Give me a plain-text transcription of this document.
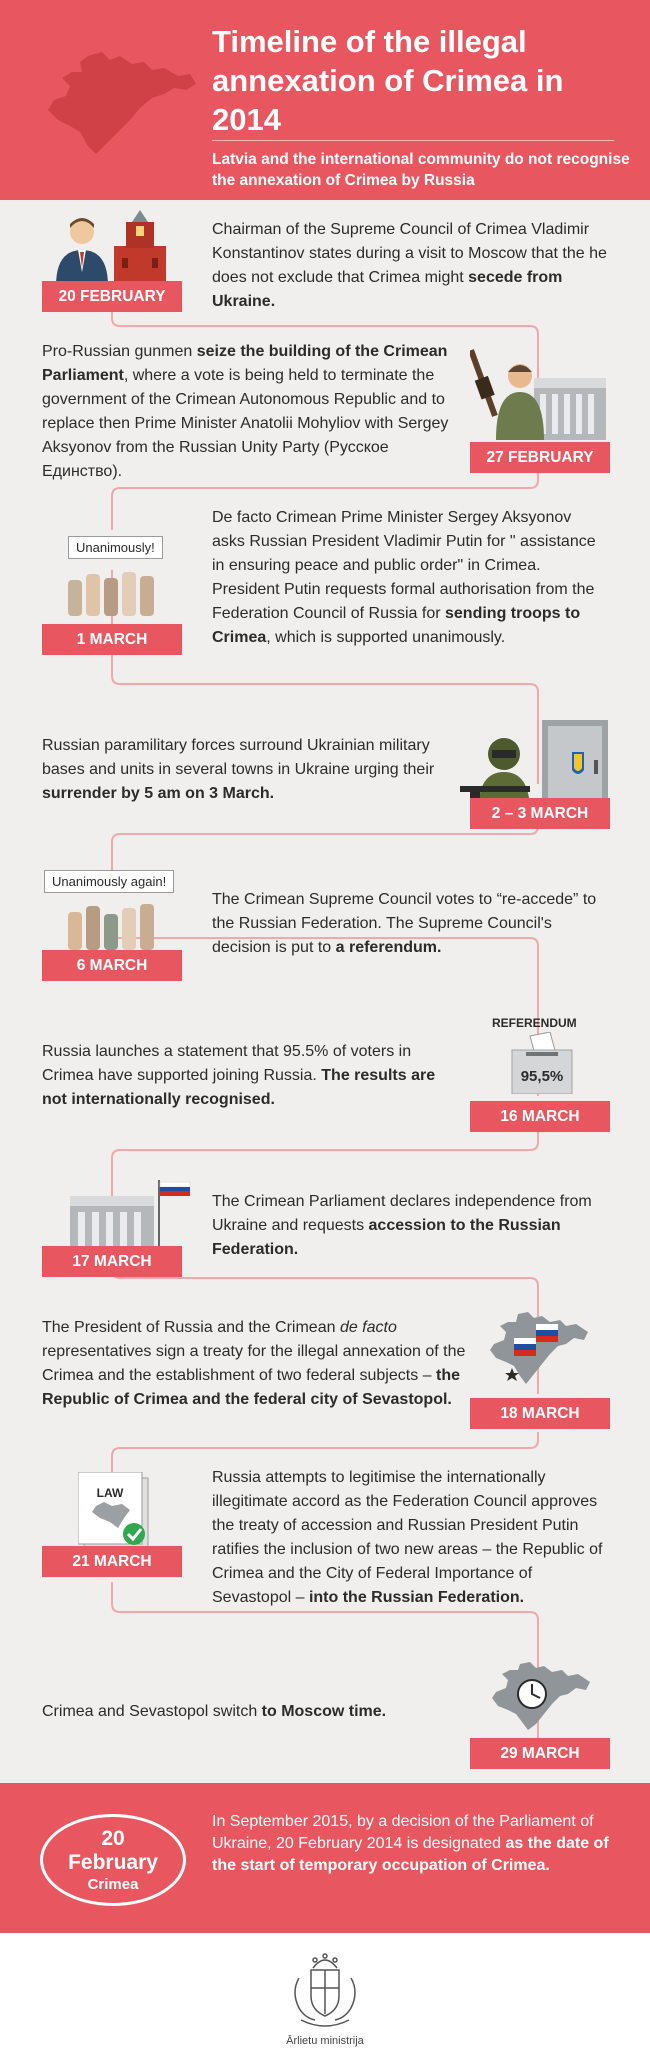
Timeline of the illegal annexation of Crimea in 2014
Latvia and the international community do not recognise the annexation of Crimea by Russia
20 FEBRUARY
Chairman of the Supreme Council of Crimea Vladimir Konstantinov states during a visit to Moscow that the he does not exclude that Crimea might secede from Ukraine.
Pro-Russian gunmen seize the building of the Crimean Parliament, where a vote is being held to terminate the government of the Crimean Autonomous Republic and to replace then Prime Minister Anatolii Mohyliov with Sergey Aksyonov from the Russian Unity Party (Русское Единство).
27 FEBRUARY
Unanimously!
1 MARCH
De facto Crimean Prime Minister Sergey Aksyonov asks Russian President Vladimir Putin for " assistance in ensuring peace and public order" in Crimea. President Putin requests formal authorisation from the Federation Council of Russia for sending troops to Crimea, which is supported unanimously.
Russian paramilitary forces surround Ukrainian military bases and units in several towns in Ukraine urging their surrender by 5 am on 3 March.
2 – 3 MARCH
Unanimously again!
6 MARCH
The Crimean Supreme Council votes to “re-accede” to the Russian Federation. The Supreme Council's decision is put to a referendum.
REFERENDUM
95,5%
16 MARCH
Russia launches a statement that 95.5% of voters in Crimea have supported joining Russia. The results are not internationally recognised.
17 MARCH
The Crimean Parliament declares independence from Ukraine and requests accession to the Russian Federation.
The President of Russia and the Crimean de facto representatives sign a treaty for the illegal annexation of the Crimea and the establishment of two federal subjects – the Republic of Crimea and the federal city of Sevastopol.
18 MARCH
LAW
21 MARCH
Russia attempts to legitimise the internationally illegitimate accord as the Federation Council approves the treaty of accession and Russian President Putin ratifies the inclusion of two new areas – the Republic of Crimea and the City of Federal Importance of Sevastopol – into the Russian Federation.
Crimea and Sevastopol switch to Moscow time.
29 MARCH
20
February
Crimea
In September 2015, by a decision of the Parliament of Ukraine, 20 February 2014 is designated as the date of the start of temporary occupation of Crimea.
Ārlietu ministrija
